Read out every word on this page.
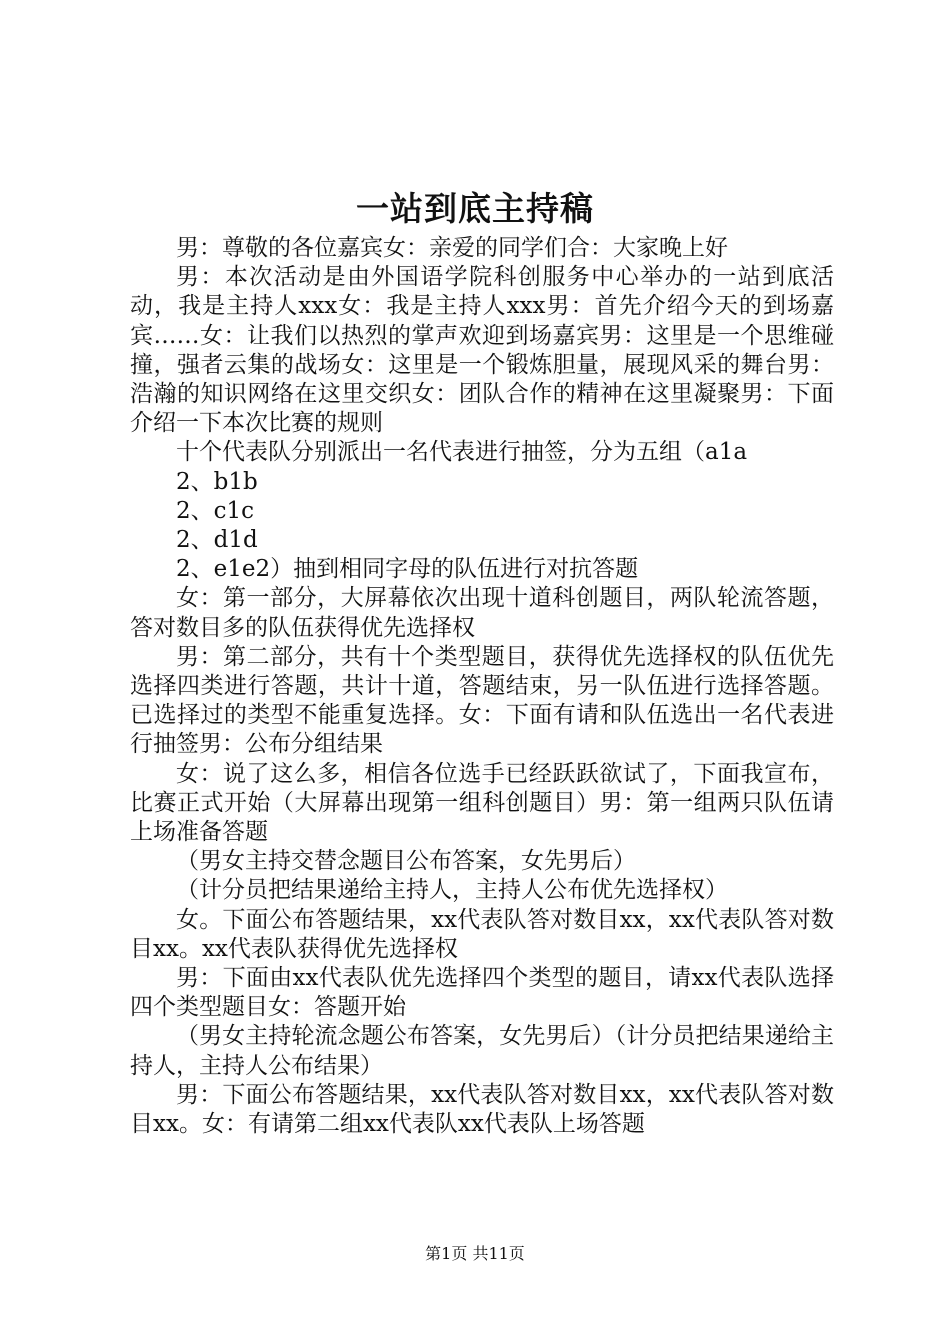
一站到底主持稿

男：尊敬的各位嘉宾女：亲爱的同学们合：大家晚上好

男：本次活动是由外国语学院科创服务中心举办的一站到底活动，我是主持人xxx女：我是主持人xxx男：首先介绍今天的到场嘉宾……女：让我们以热烈的掌声欢迎到场嘉宾男：这里是一个思维碰撞，强者云集的战场女：这里是一个锻炼胆量，展现风采的舞台男：浩瀚的知识网络在这里交织女：团队合作的精神在这里凝聚男：下面介绍一下本次比赛的规则

十个代表队分别派出一名代表进行抽签，分为五组（a1a

2、b1b

2、c1c

2、d1d

2、e1e2）抽到相同字母的队伍进行对抗答题

女：第一部分，大屏幕依次出现十道科创题目，两队轮流答题，答对数目多的队伍获得优先选择权

男：第二部分，共有十个类型题目，获得优先选择权的队伍优先选择四类进行答题，共计十道，答题结束，另一队伍进行选择答题。已选择过的类型不能重复选择。女：下面有请和队伍选出一名代表进行抽签男：公布分组结果

女：说了这么多，相信各位选手已经跃跃欲试了，下面我宣布，比赛正式开始（大屏幕出现第一组科创题目）男：第一组两只队伍请上场准备答题

（男女主持交替念题目公布答案，女先男后）

（计分员把结果递给主持人，主持人公布优先选择权）

女。下面公布答题结果，xx代表队答对数目xx，xx代表队答对数目xx。xx代表队获得优先选择权

男：下面由xx代表队优先选择四个类型的题目，请xx代表队选择四个类型题目女：答题开始

（男女主持轮流念题公布答案，女先男后）（计分员把结果递给主持人，主持人公布结果）

男：下面公布答题结果，xx代表队答对数目xx，xx代表队答对数目xx。女：有请第二组xx代表队xx代表队上场答题

第1页 共11页
